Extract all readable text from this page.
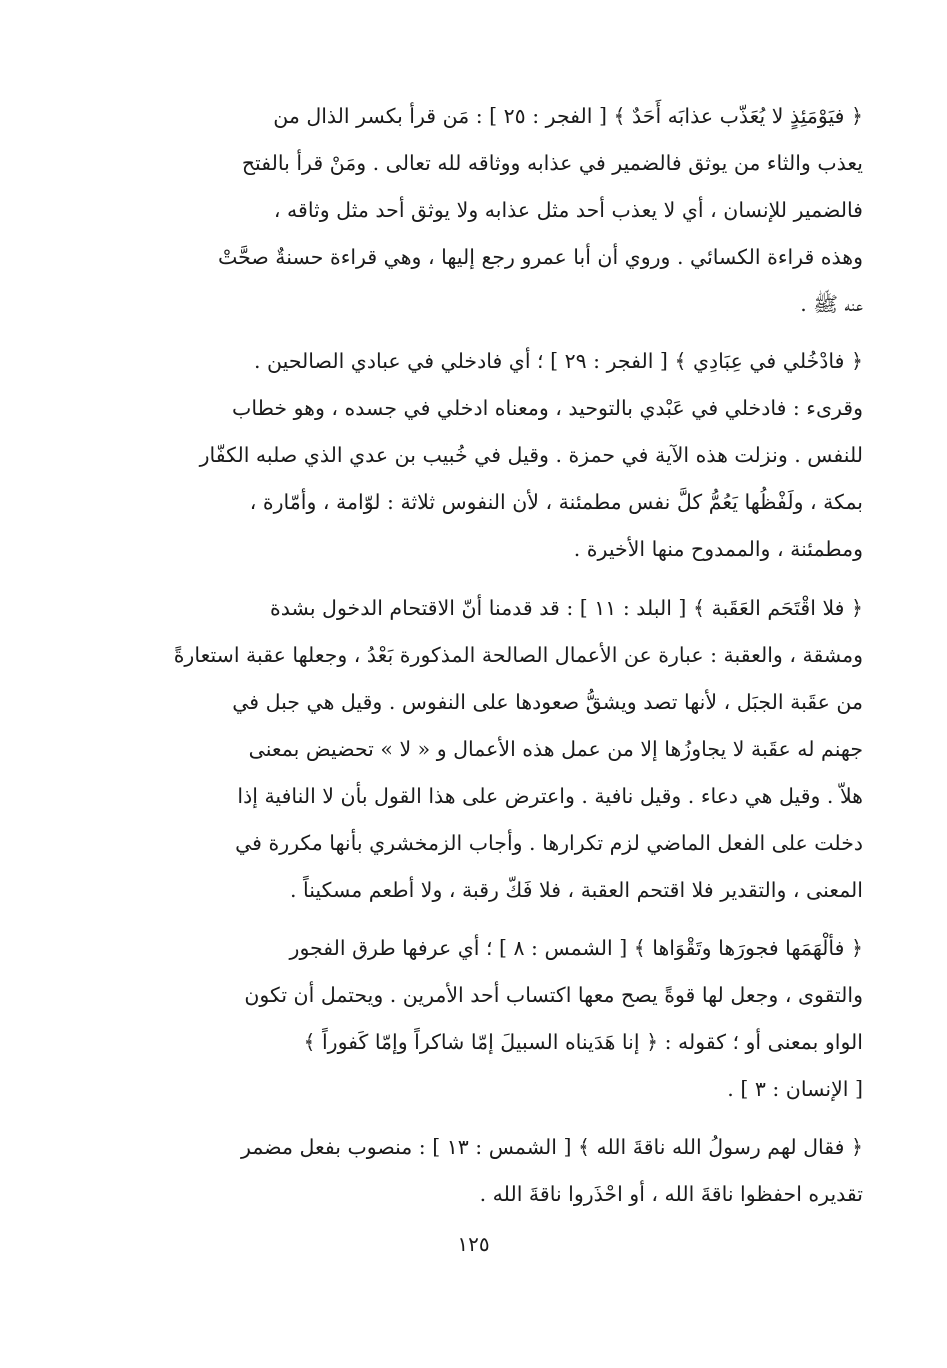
﴿ فيَوْمَئِذٍ لا يُعَذّب عذابَه أَحَدٌ ﴾ [ الفجر : ٢٥ ] : مَن قرأ بكسر الذال من
يعذب والثاء من يوثق فالضمير في عذابه ووثاقه لله تعالى . ومَنْ قرأ بالفتح
فالضمير للإنسان ، أي لا يعذب أحد مثل عذابه ولا يوثق أحد مثل وثاقه ،
وهذه قراءة الكسائي . وروي أن أبا عمرو رجع إليها ، وهي قراءة حسنةٌ صحَّتْ
عنه ﷺ .
﴿ فادْخُلي في عِبَادِي ﴾ [ الفجر : ٢٩ ] ؛ أي فادخلي في عبادي الصالحين .
وقرىء : فادخلي في عَبْدي بالتوحيد ، ومعناه ادخلي في جسده ، وهو خطاب
للنفس . ونزلت هذه الآية في حمزة . وقيل في خُبيب بن عدي الذي صلبه الكفّار
بمكة ، ولَفْظُها يَعُمُّ كلَّ نفس مطمئنة ، لأن النفوس ثلاثة : لوّامة ، وأمّارة ،
ومطمئنة ، والممدوح منها الأخيرة .
﴿ فلا اقْتَحَم العَقَبة ﴾ [ البلد : ١١ ] : قد قدمنا أنّ الاقتحام الدخول بشدة
ومشقة ، والعقبة : عبارة عن الأعمال الصالحة المذكورة بَعْدُ ، وجعلها عقبة استعارةً
من عقَبة الجبَل ، لأنها تصد ويشقُّ صعودها على النفوس . وقيل هي جبل في
جهنم له عقَبة لا يجاوزُها إلا من عمل هذه الأعمال و « لا » تحضيض بمعنى
هلاّ . وقيل هي دعاء . وقيل نافية . واعترض على هذا القول بأن لا النافية إذا
دخلت على الفعل الماضي لزم تكرارها . وأجاب الزمخشري بأنها مكررة في
المعنى ، والتقدير فلا اقتحم العقبة ، فلا فَكّ رقبة ، ولا أطعم مسكيناً .
﴿ فألْهَمَها فجورَها وتَقْوَاها ﴾ [ الشمس : ٨ ] ؛ أي عرفها طرق الفجور
والتقوى ، وجعل لها قوةً يصح معها اكتساب أحد الأمرين . ويحتمل أن تكون
الواو بمعنى أو ؛ كقوله : ﴿ إنا هَدَيناه السبيلَ إمّا شاكراً وإمّا كَفوراً ﴾
[ الإنسان : ٣ ] .
﴿ فقال لهم رسولُ الله ناقةَ الله ﴾ [ الشمس : ١٣ ] : منصوب بفعل مضمر
تقديره احفظوا ناقةَ الله ، أو احْذَروا ناقةَ الله .
١٢٥
